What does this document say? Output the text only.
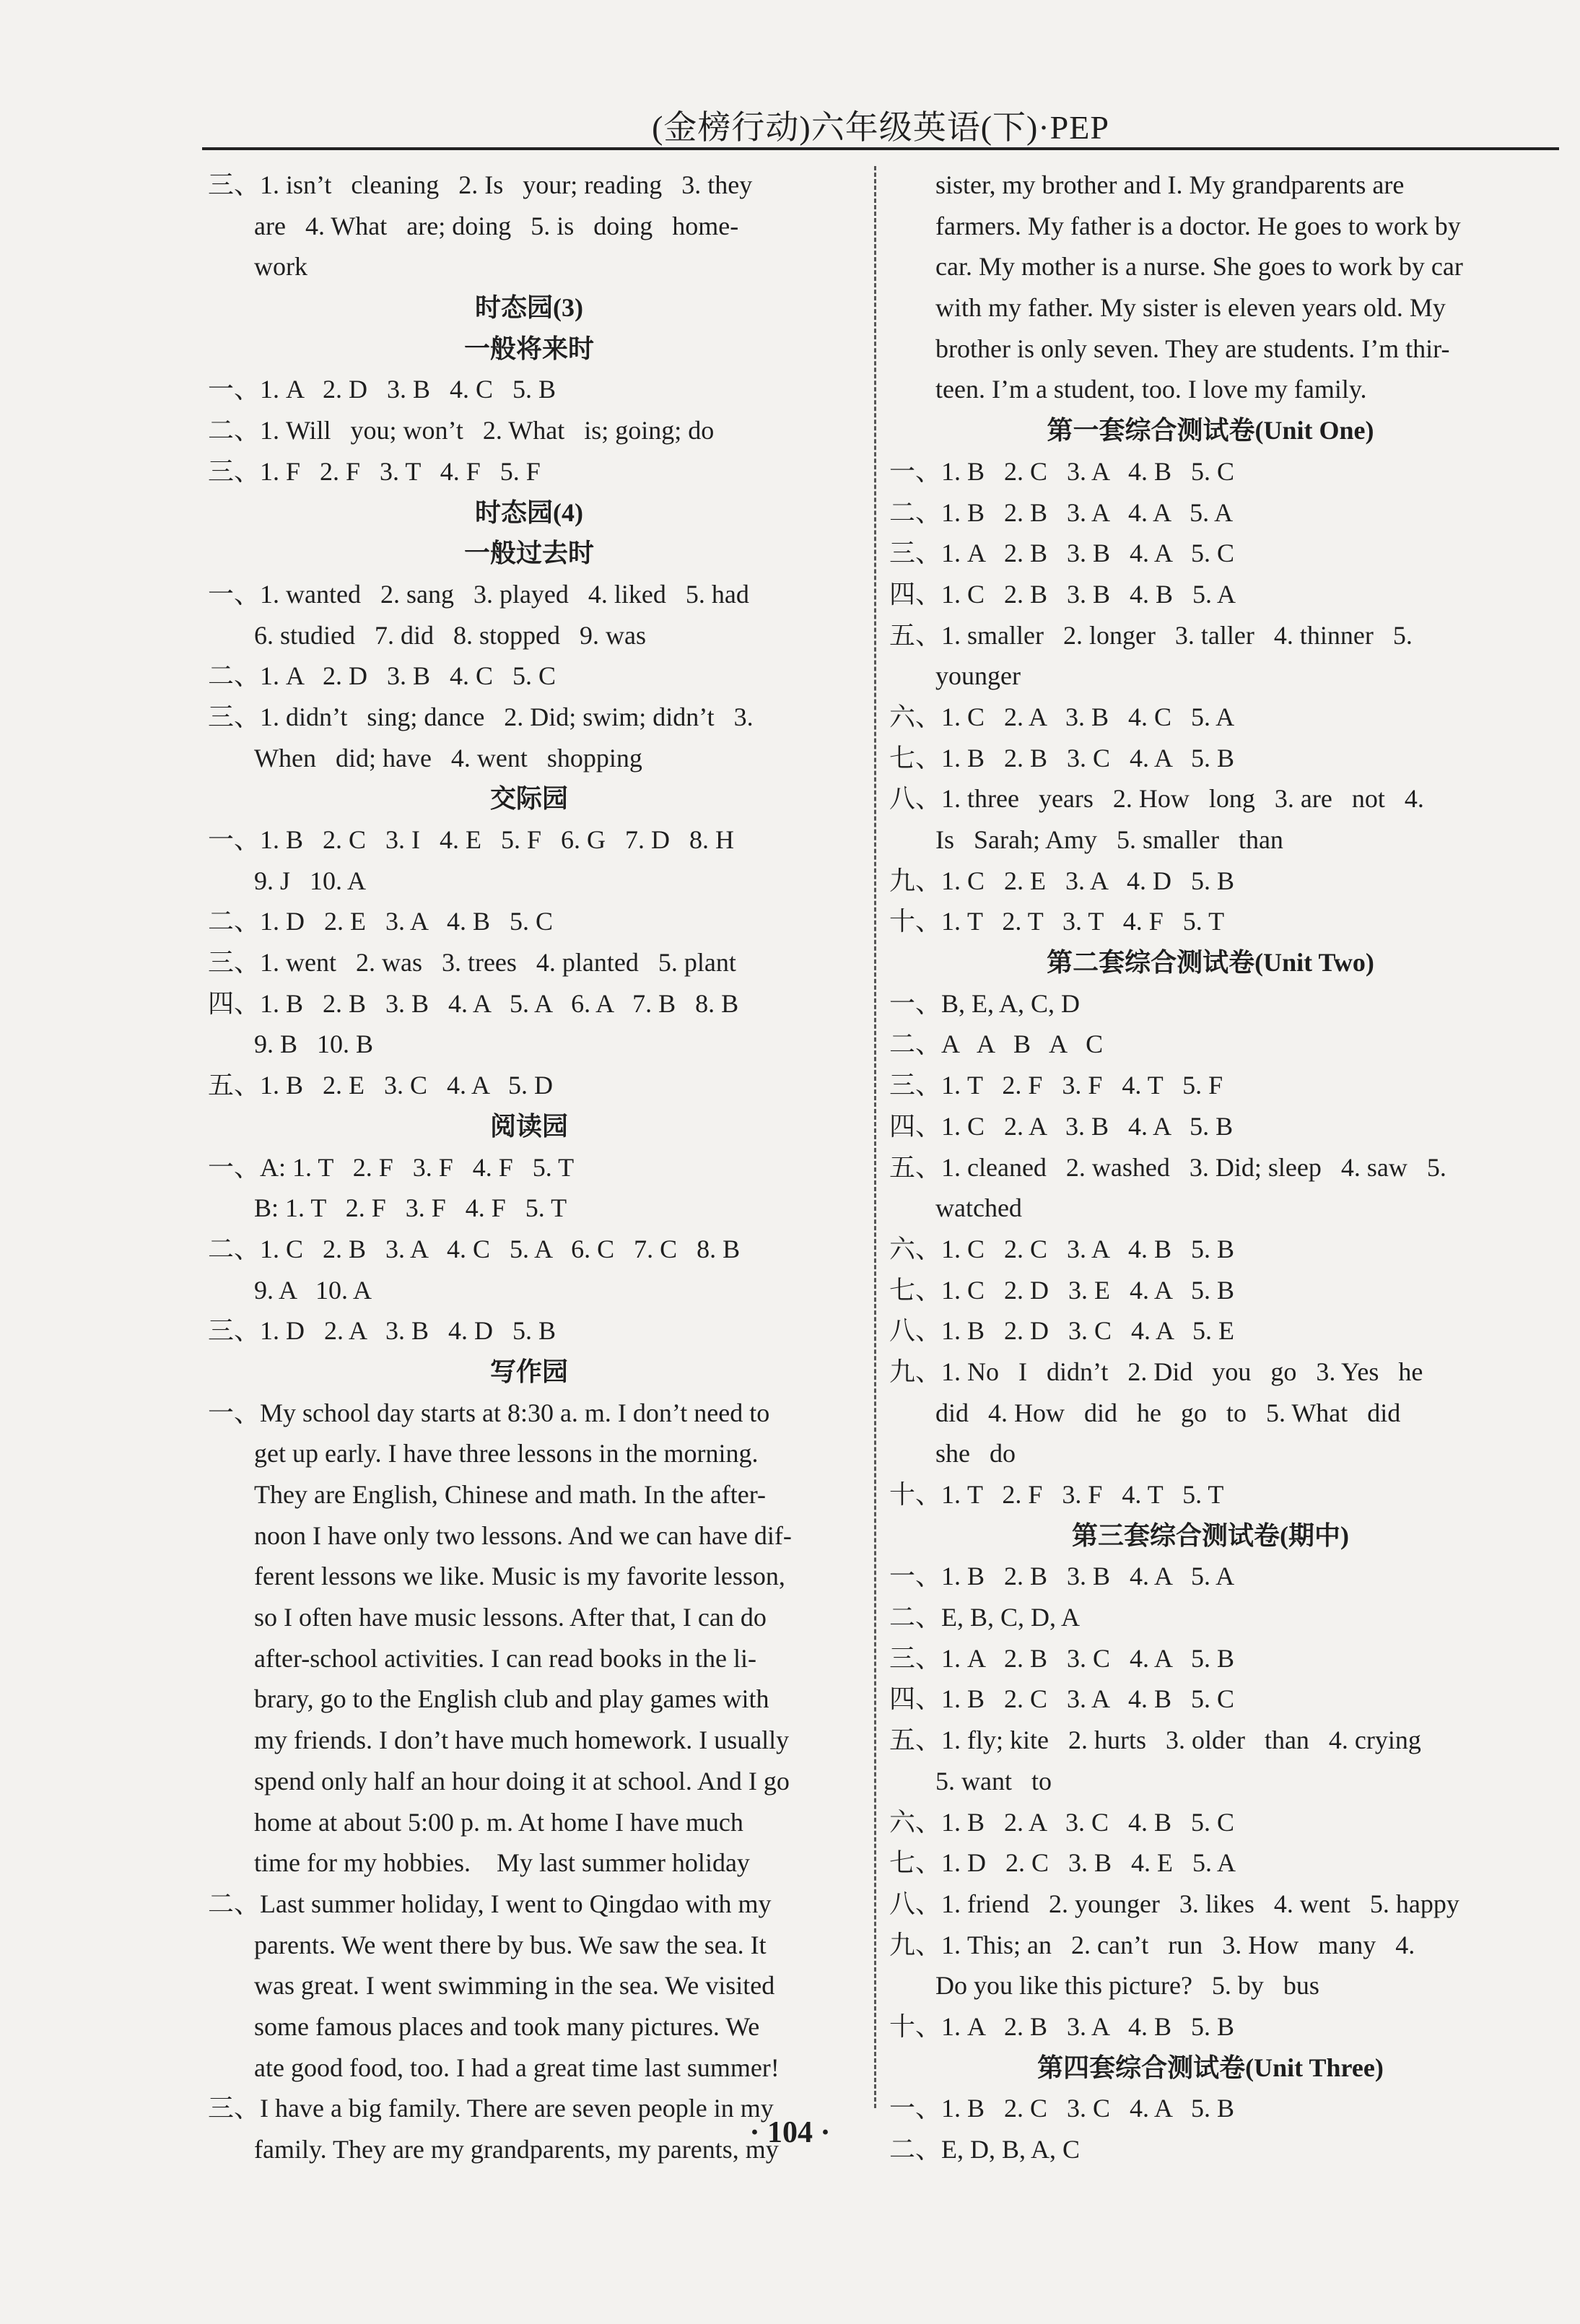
(金榜行动)六年级英语(下)·PEP
三、1. isn’t   cleaning   2. Is   your; reading   3. they
are   4. What   are; doing   5. is   doing   home-
work
时态园(3)
一般将来时
一、1. A   2. D   3. B   4. C   5. B
二、1. Will   you; won’t   2. What   is; going; do
三、1. F   2. F   3. T   4. F   5. F
时态园(4)
一般过去时
一、1. wanted   2. sang   3. played   4. liked   5. had
6. studied   7. did   8. stopped   9. was
二、1. A   2. D   3. B   4. C   5. C
三、1. didn’t   sing; dance   2. Did; swim; didn’t   3.
When   did; have   4. went   shopping
交际园
一、1. B   2. C   3. I   4. E   5. F   6. G   7. D   8. H
9. J   10. A
二、1. D   2. E   3. A   4. B   5. C
三、1. went   2. was   3. trees   4. planted   5. plant
四、1. B   2. B   3. B   4. A   5. A   6. A   7. B   8. B
9. B   10. B
五、1. B   2. E   3. C   4. A   5. D
阅读园
一、A: 1. T   2. F   3. F   4. F   5. T
B: 1. T   2. F   3. F   4. F   5. T
二、1. C   2. B   3. A   4. C   5. A   6. C   7. C   8. B
9. A   10. A
三、1. D   2. A   3. B   4. D   5. B
写作园
一、My school day starts at 8:30 a. m. I don’t need to
get up early. I have three lessons in the morning.
They are English, Chinese and math. In the after-
noon I have only two lessons. And we can have dif-
ferent lessons we like. Music is my favorite lesson,
so I often have music lessons. After that, I can do
after-school activities. I can read books in the li-
brary, go to the English club and play games with
my friends. I don’t have much homework. I usually
spend only half an hour doing it at school. And I go
home at about 5:00 p. m. At home I have much
time for my hobbies.    My last summer holiday
二、Last summer holiday, I went to Qingdao with my
parents. We went there by bus. We saw the sea. It
was great. I went swimming in the sea. We visited
some famous places and took many pictures. We
ate good food, too. I had a great time last summer!
三、I have a big family. There are seven people in my
family. They are my grandparents, my parents, my
sister, my brother and I. My grandparents are
farmers. My father is a doctor. He goes to work by
car. My mother is a nurse. She goes to work by car
with my father. My sister is eleven years old. My
brother is only seven. They are students. I’m thir-
teen. I’m a student, too. I love my family.
第一套综合测试卷(Unit One)
一、1. B   2. C   3. A   4. B   5. C
二、1. B   2. B   3. A   4. A   5. A
三、1. A   2. B   3. B   4. A   5. C
四、1. C   2. B   3. B   4. B   5. A
五、1. smaller   2. longer   3. taller   4. thinner   5.
younger
六、1. C   2. A   3. B   4. C   5. A
七、1. B   2. B   3. C   4. A   5. B
八、1. three   years   2. How   long   3. are   not   4.
Is   Sarah; Amy   5. smaller   than
九、1. C   2. E   3. A   4. D   5. B
十、1. T   2. T   3. T   4. F   5. T
第二套综合测试卷(Unit Two)
一、B, E, A, C, D
二、A   A   B   A   C
三、1. T   2. F   3. F   4. T   5. F
四、1. C   2. A   3. B   4. A   5. B
五、1. cleaned   2. washed   3. Did; sleep   4. saw   5.
watched
六、1. C   2. C   3. A   4. B   5. B
七、1. C   2. D   3. E   4. A   5. B
八、1. B   2. D   3. C   4. A   5. E
九、1. No   I   didn’t   2. Did   you   go   3. Yes   he
did   4. How   did   he   go   to   5. What   did
she   do
十、1. T   2. F   3. F   4. T   5. T
第三套综合测试卷(期中)
一、1. B   2. B   3. B   4. A   5. A
二、E, B, C, D, A
三、1. A   2. B   3. C   4. A   5. B
四、1. B   2. C   3. A   4. B   5. C
五、1. fly; kite   2. hurts   3. older   than   4. crying
5. want   to
六、1. B   2. A   3. C   4. B   5. C
七、1. D   2. C   3. B   4. E   5. A
八、1. friend   2. younger   3. likes   4. went   5. happy
九、1. This; an   2. can’t   run   3. How   many   4.
Do you like this picture?   5. by   bus
十、1. A   2. B   3. A   4. B   5. B
第四套综合测试卷(Unit Three)
一、1. B   2. C   3. C   4. A   5. B
二、E, D, B, A, C
· 104 ·
